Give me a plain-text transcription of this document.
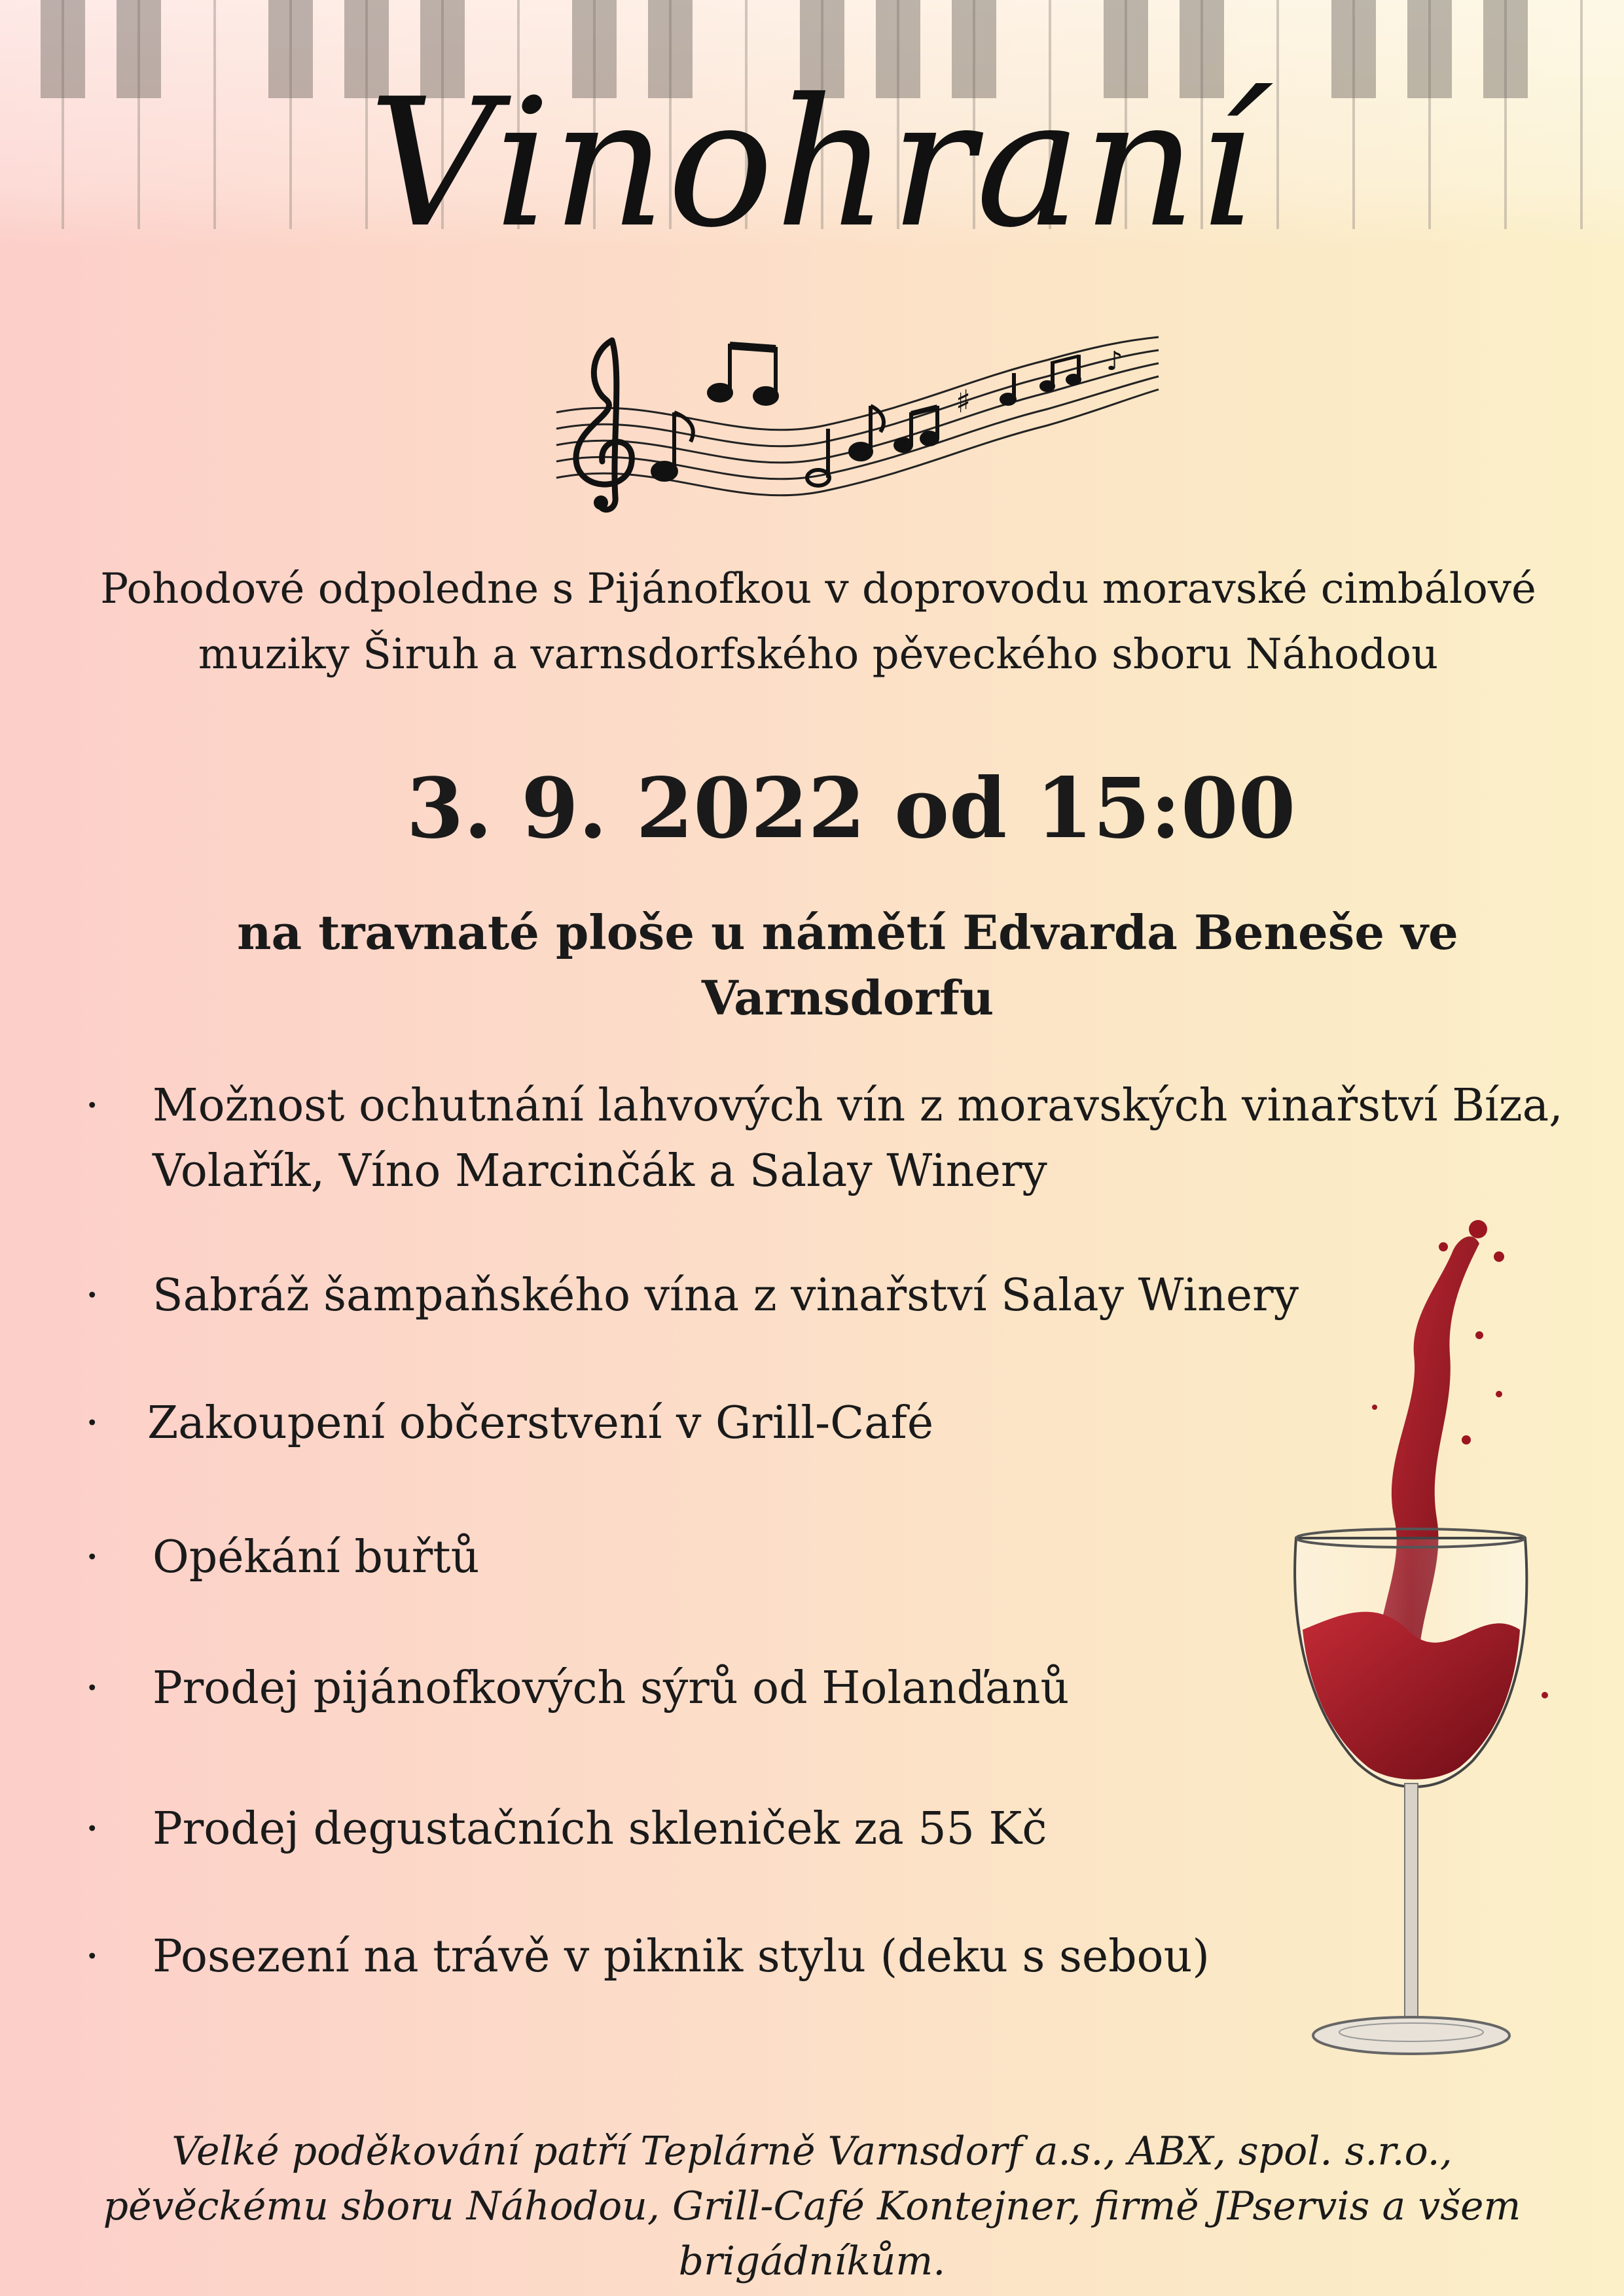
Vinohraní
♯
♪
Pohodové odpoledne s Pijánofkou v doprovodu moravské cimbálové
muziky Širuh a varnsdorfského pěveckého sboru Náhodou
3. 9. 2022 od 15:00
na travnaté ploše u námětí Edvarda Beneše ve Varnsdorfu
· Možnost ochutnání lahvových vín z moravských vinařství Bíza,
Volařík, Víno Marcinčák a Salay Winery
· Sabráž šampaňského vína z vinařství Salay Winery
· Zakoupení občerstvení v Grill-Café
· Opékání buřtů
· Prodej pijánofkových sýrů od Holanďanů
· Prodej degustačních skleniček za 55 Kč
· Posezení na trávě v piknik stylu (deku s sebou)
Velké poděkování patří Teplárně Varnsdorf a.s., ABX, spol. s.r.o.,
pěvěckému sboru Náhodou, Grill-Café Kontejner, firmě JPservis a všem brigádníkům.
